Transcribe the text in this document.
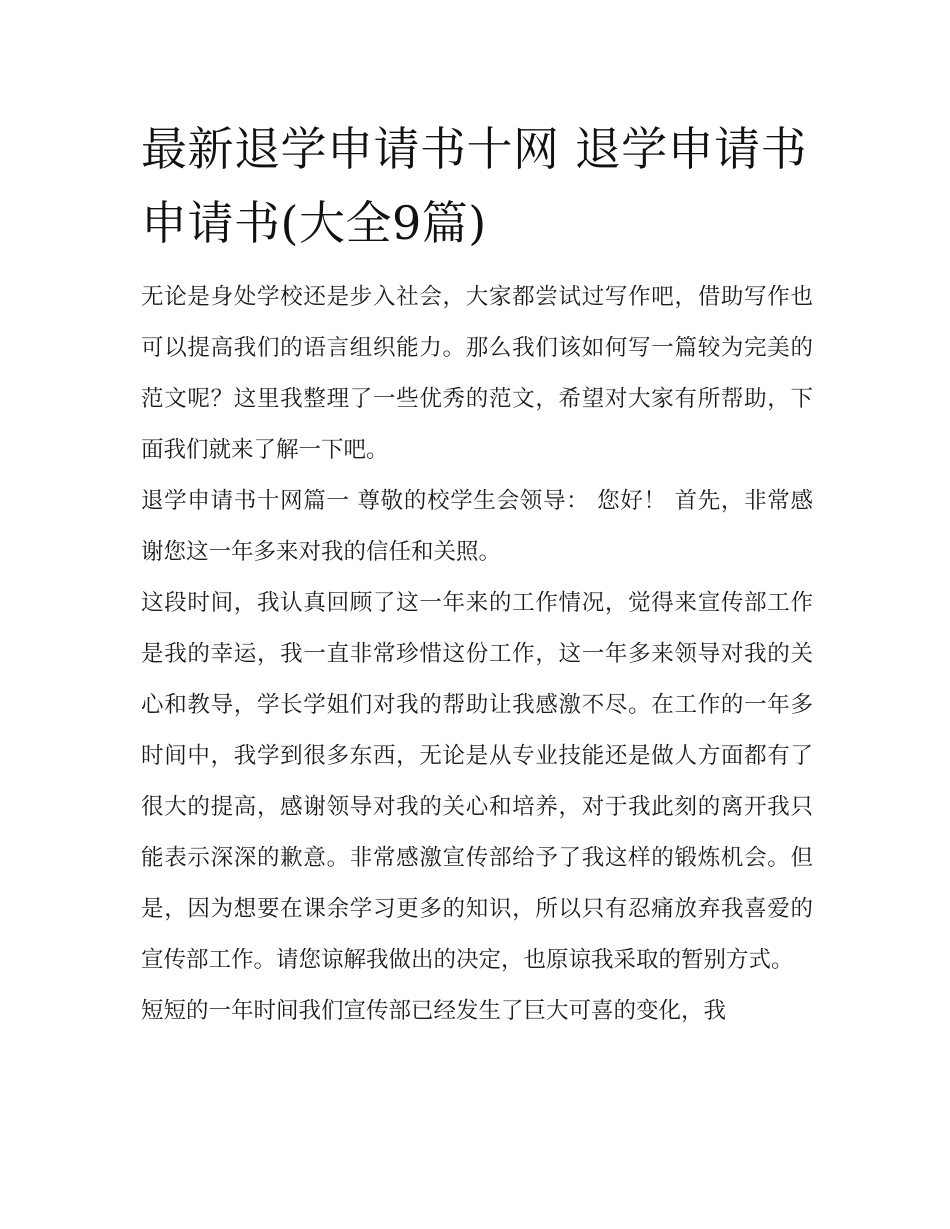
最新退学申请书十网 退学申请书申请书(大全9篇)

无论是身处学校还是步入社会，大家都尝试过写作吧，借助写作也可以提高我们的语言组织能力。那么我们该如何写一篇较为完美的范文呢？这里我整理了一些优秀的范文，希望对大家有所帮助，下面我们就来了解一下吧。

退学申请书十网篇一 尊敬的校学生会领导： 您好！ 首先，非常感谢您这一年多来对我的信任和关照。

这段时间，我认真回顾了这一年来的工作情况，觉得来宣传部工作是我的幸运，我一直非常珍惜这份工作，这一年多来领导对我的关心和教导，学长学姐们对我的帮助让我感激不尽。在工作的一年多时间中，我学到很多东西，无论是从专业技能还是做人方面都有了很大的提高，感谢领导对我的关心和培养，对于我此刻的离开我只能表示深深的歉意。非常感激宣传部给予了我这样的锻炼机会。但是，因为想要在课余学习更多的知识，所以只有忍痛放弃我喜爱的宣传部工作。请您谅解我做出的决定，也原谅我采取的暂别方式。

短短的一年时间我们宣传部已经发生了巨大可喜的变化，我
